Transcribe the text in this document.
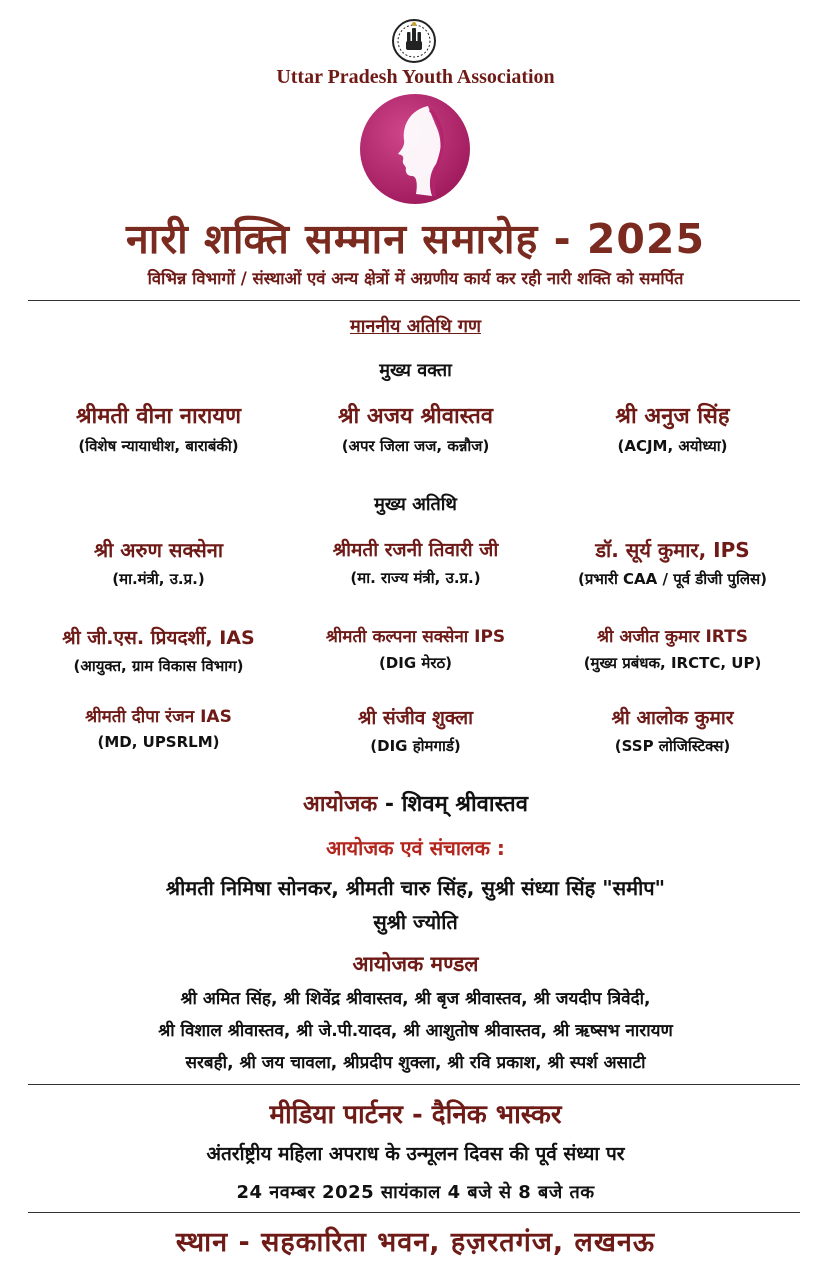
Uttar Pradesh Youth Association
नारी शक्ति सम्मान समारोह - 2025
विभिन्न विभागों / संस्थाओं एवं अन्य क्षेत्रों में अग्रणीय कार्य कर रही नारी शक्ति को समर्पित
माननीय अतिथि गण
मुख्य वक्ता
श्रीमती वीना नारायण
(विशेष न्यायाधीश, बाराबंकी)
श्री अजय श्रीवास्तव
(अपर जिला जज, कन्नौज)
श्री अनुज सिंह
(ACJM, अयोध्या)
मुख्य अतिथि
श्री अरुण सक्सेना
(मा.मंत्री, उ.प्र.)
श्रीमती रजनी तिवारी जी
(मा. राज्य मंत्री, उ.प्र.)
डॉ. सूर्य कुमार, IPS
(प्रभारी CAA / पूर्व डीजी पुलिस)
श्री जी.एस. प्रियदर्शी, IAS
(आयुक्त, ग्राम विकास विभाग)
श्रीमती कल्पना सक्सेना IPS
(DIG मेरठ)
श्री अजीत कुमार IRTS
(मुख्य प्रबंधक, IRCTC, UP)
श्रीमती दीपा रंजन IAS
(MD, UPSRLM)
श्री संजीव शुक्ला
(DIG होमगार्ड)
श्री आलोक कुमार
(SSP लोजिस्टिक्स)
आयोजक - शिवम् श्रीवास्तव
आयोजक एवं संचालक :
श्रीमती निमिषा सोनकर, श्रीमती चारु सिंह, सुश्री संध्या सिंह "समीप"
सुश्री ज्योति
आयोजक मण्डल
श्री अमित सिंह, श्री शिवेंद्र श्रीवास्तव, श्री बृज श्रीवास्तव, श्री जयदीप त्रिवेदी,
श्री विशाल श्रीवास्तव, श्री जे.पी.यादव, श्री आशुतोष श्रीवास्तव, श्री ऋष्सभ नारायण
सरबही, श्री जय चावला, श्रीप्रदीप शुक्ला, श्री रवि प्रकाश, श्री स्पर्श असाटी
मीडिया पार्टनर - दैनिक भास्कर
अंतर्राष्ट्रीय महिला अपराध के उन्मूलन दिवस की पूर्व संध्या पर
24 नवम्बर 2025 सायंकाल 4 बजे से 8 बजे तक
स्थान - सहकारिता भवन, हज़रतगंज, लखनऊ
